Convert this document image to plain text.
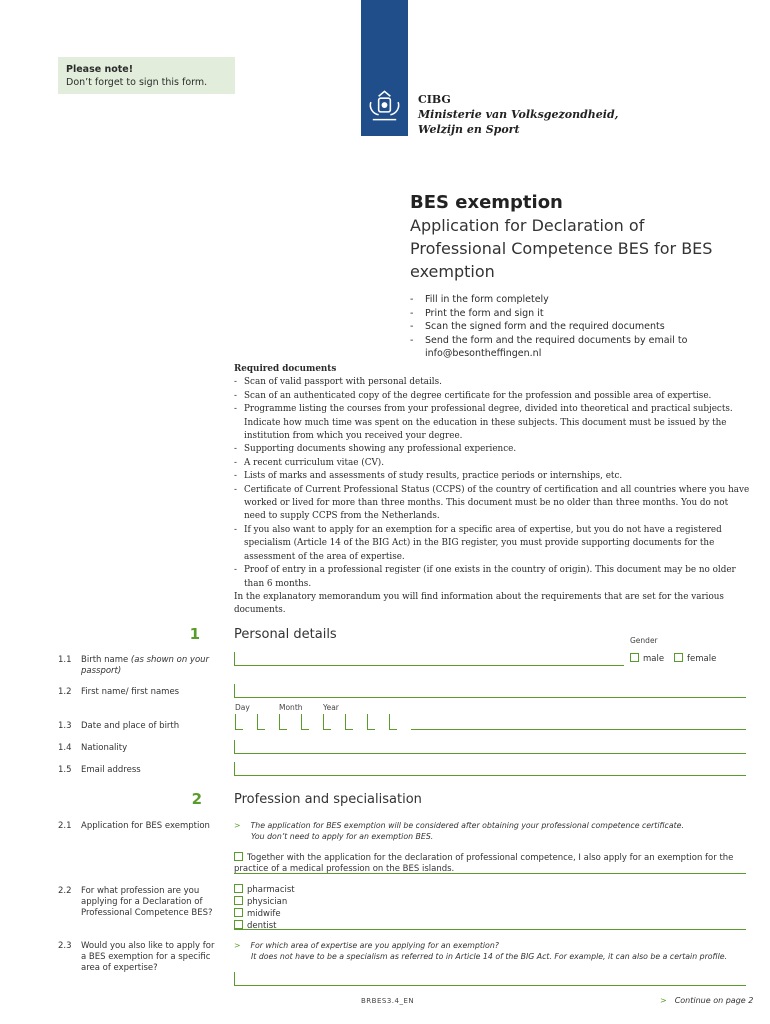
Please note!
Don’t forget to sign this form.
CIBG
Ministerie van Volksgezondheid,
Welzijn en Sport
BES exemption
Application for Declaration of Professional Competence BES for BES exemption
- Fill in the form completely
- Print the form and sign it
- Scan the signed form and the required documents
- Send the form and the required documents by email to info@besontheffingen.nl
Required documents
- Scan of valid passport with personal details.
- Scan of an authenticated copy of the degree certificate for the profession and possible area of expertise.
- Programme listing the courses from your professional degree, divided into theoretical and practical subjects. Indicate how much time was spent on the education in these subjects. This document must be issued by the institution from which you received your degree.
- Supporting documents showing any professional experience.
- A recent curriculum vitae (CV).
- Lists of marks and assessments of study results, practice periods or internships, etc.
- Certificate of Current Professional Status (CCPS) of the country of certification and all countries where you have worked or lived for more than three months. This document must be no older than three months. You do not need to supply CCPS from the Netherlands.
- If you also want to apply for an exemption for a specific area of expertise, but you do not have a registered specialism (Article 14 of the BIG Act) in the BIG register, you must provide supporting documents for the assessment of the area of expertise.
- Proof of entry in a professional register (if one exists in the country of origin). This document may be no older than 6 months.
In the explanatory memorandum you will find information about the requirements that are set for the various documents.
1	Personal details	Gender
male	female
1.1 Birth name (as shown on your passport)
1.2 First name/ first names
Day	Month	Year
1.3 Date and place of birth
1.4 Nationality
1.5 Email address
2 Profession and specialisation
2.1 Application for BES exemption	> The application for BES exemption will be considered after obtaining your professional competence certificate.
You don’t need to apply for an exemption BES.
Together with the application for the declaration of professional competence, I also apply for an exemption for the practice of a medical profession on the BES islands.
2.2 For what profession are you applying for a Declaration of Professional Competence BES?
pharmacist
physician
midwife
dentist
2.3 Would you also like to apply for a BES exemption for a specific area of expertise?
> For which area of expertise are you applying for an exemption?
It does not have to be a specialism as referred to in Article 14 of the BIG Act. For example, it can also be a certain profile.
BRBES3.4_EN	> Continue on page 2
